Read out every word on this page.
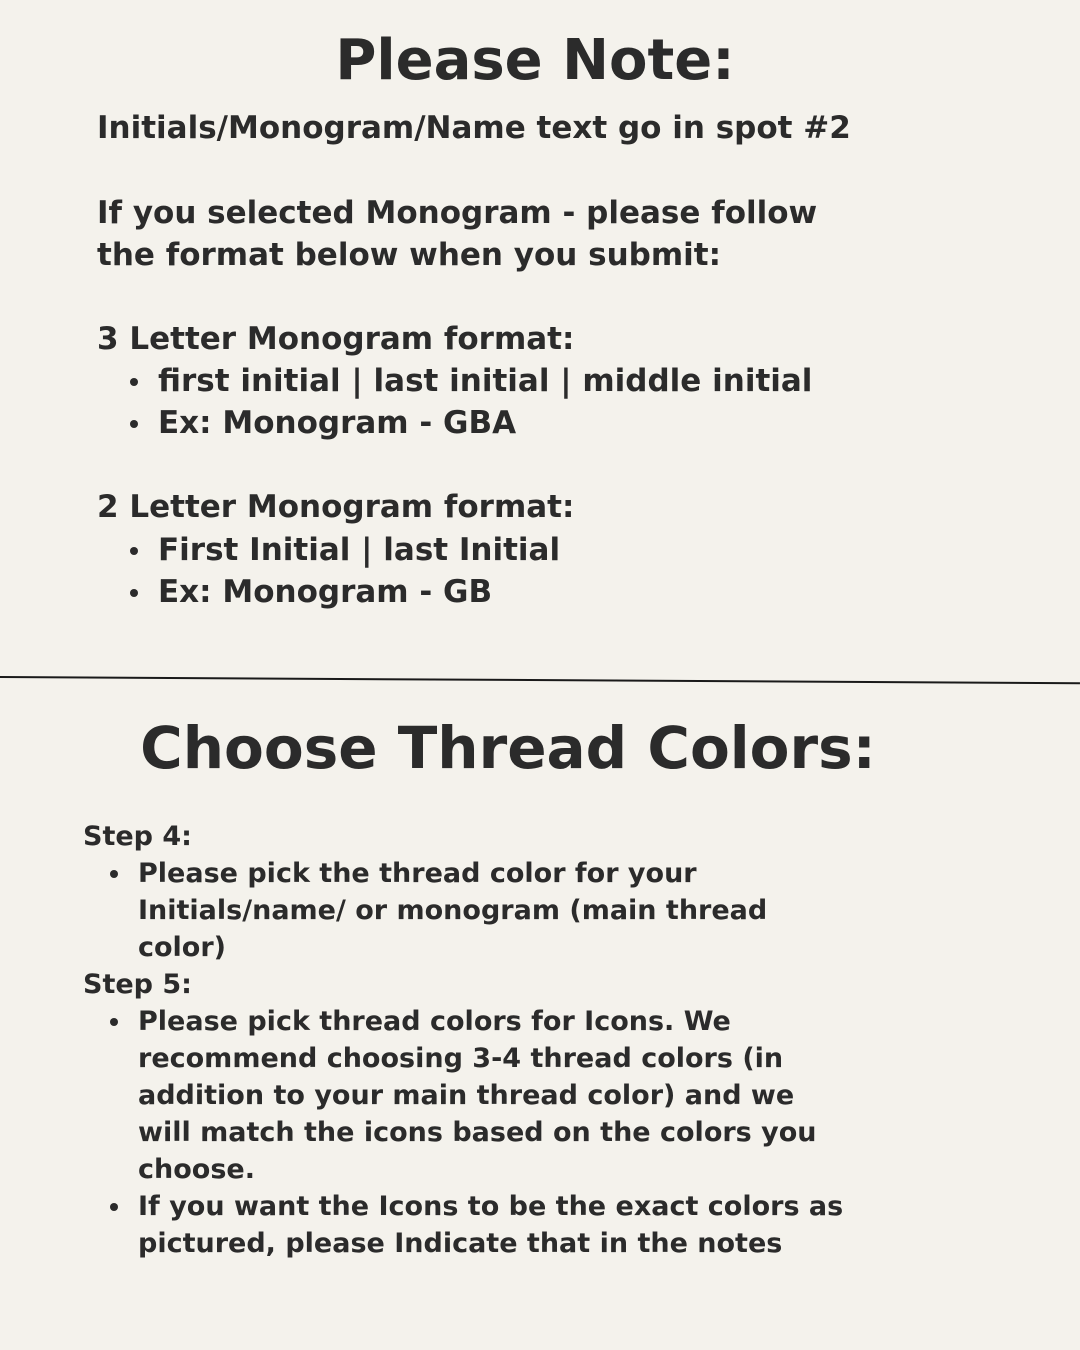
Please Note:

Initials/Monogram/Name text go in spot #2

If you selected Monogram - please follow

the format below when you submit:

3 Letter Monogram format:

first initial | last initial | middle initial
Ex: Monogram - GBA

2 Letter Monogram format:

First Initial | last Initial
Ex: Monogram - GB
Choose Thread Colors:

Step 4:

Please pick the thread color for your
Initials/name/ or monogram (main thread
color)

Step 5:

Please pick thread colors for Icons. We
recommend choosing 3-4 thread colors (in
addition to your main thread color) and we
will match the icons based on the colors you
choose.
If you want the Icons to be the exact colors as
pictured, please Indicate that in the notes
